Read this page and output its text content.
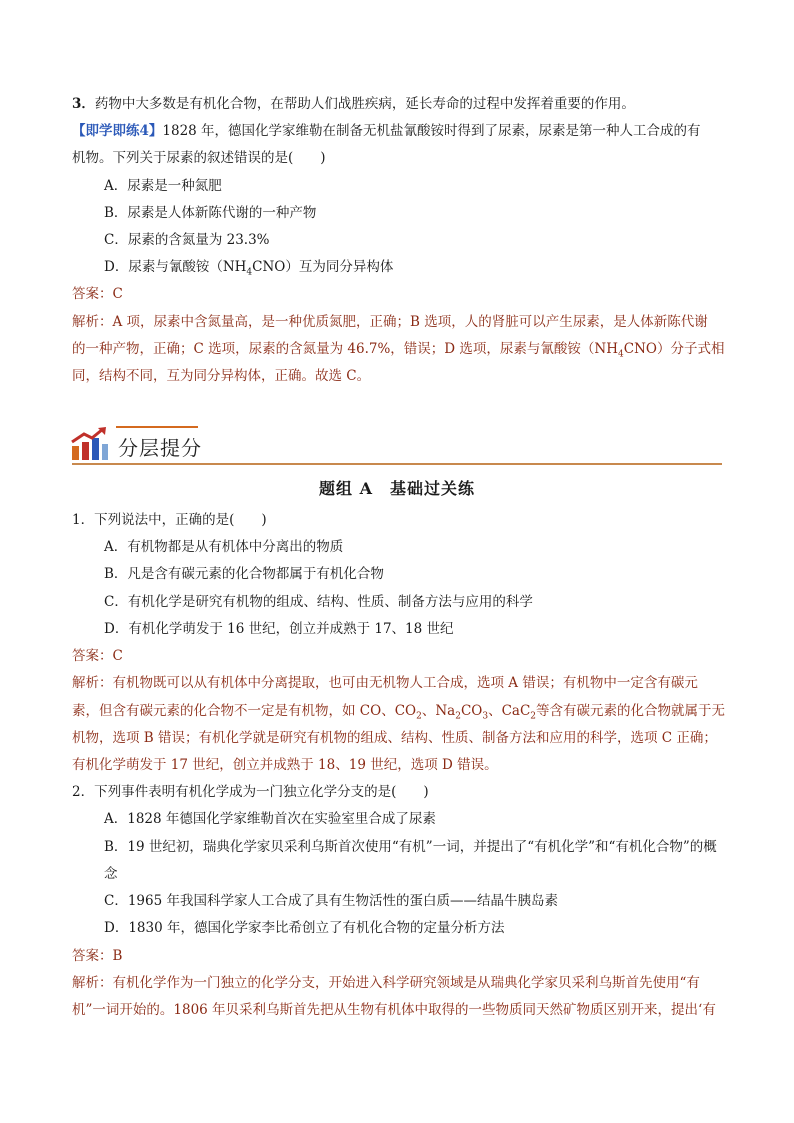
3．药物中大多数是有机化合物，在帮助人们战胜疾病，延长寿命的过程中发挥着重要的作用。
【即学即练4】1828 年，德国化学家维勒在制备无机盐氰酸铵时得到了尿素，尿素是第一种人工合成的有
机物。下列关于尿素的叙述错误的是(　　)
A．尿素是一种氮肥
B．尿素是人体新陈代谢的一种产物
C．尿素的含氮量为 23.3%
D．尿素与氰酸铵$(NH_4CNO)$互为同分异构体
答案：C
解析：A 项，尿素中含氮量高，是一种优质氮肥，正确；B 选项，人的肾脏可以产生尿素，是人体新陈代谢
的一种产物，正确；C 选项，尿素的含氮量为 46.7%，错误；D 选项，尿素与氰酸铵$(NH_4CNO)$分子式相
同，结构不同，互为同分异构体，正确。故选 C。
分层提分
题组 A　基础过关练
1．下列说法中，正确的是(　　)
A．有机物都是从有机体中分离出的物质
B．凡是含有碳元素的化合物都属于有机化合物
C．有机化学是研究有机物的组成、结构、性质、制备方法与应用的科学
D．有机化学萌发于 16 世纪，创立并成熟于 17、18 世纪
答案：C
解析：有机物既可以从有机体中分离提取，也可由无机物人工合成，选项 A 错误；有机物中一定含有碳元
素，但含有碳元素的化合物不一定是有机物，如 CO、$CO_2$、$Na_2CO_3$、CaC$_2$等含有碳元素的化合物就属于无
机物，选项 B 错误；有机化学就是研究有机物的组成、结构、性质、制备方法和应用的科学，选项 C 正确；
有机化学萌发于 17 世纪，创立并成熟于 18、19 世纪，选项 D 错误。
2．下列事件表明有机化学成为一门独立化学分支的是(　　)
A．1828 年德国化学家维勒首次在实验室里合成了尿素
B．19 世纪初，瑞典化学家贝采利乌斯首次使用“有机”一词，并提出了“有机化学”和“有机化合物”的概
念
C．1965 年我国科学家人工合成了具有生物活性的蛋白质——结晶牛胰岛素
D．1830 年，德国化学家李比希创立了有机化合物的定量分析方法
答案：B
解析：有机化学作为一门独立的化学分支，开始进入科学研究领域是从瑞典化学家贝采利乌斯首先使用“有
机”一词开始的。1806 年贝采利乌斯首先把从生物有机体中取得的一些物质同天然矿物质区别开来，提出‘有
